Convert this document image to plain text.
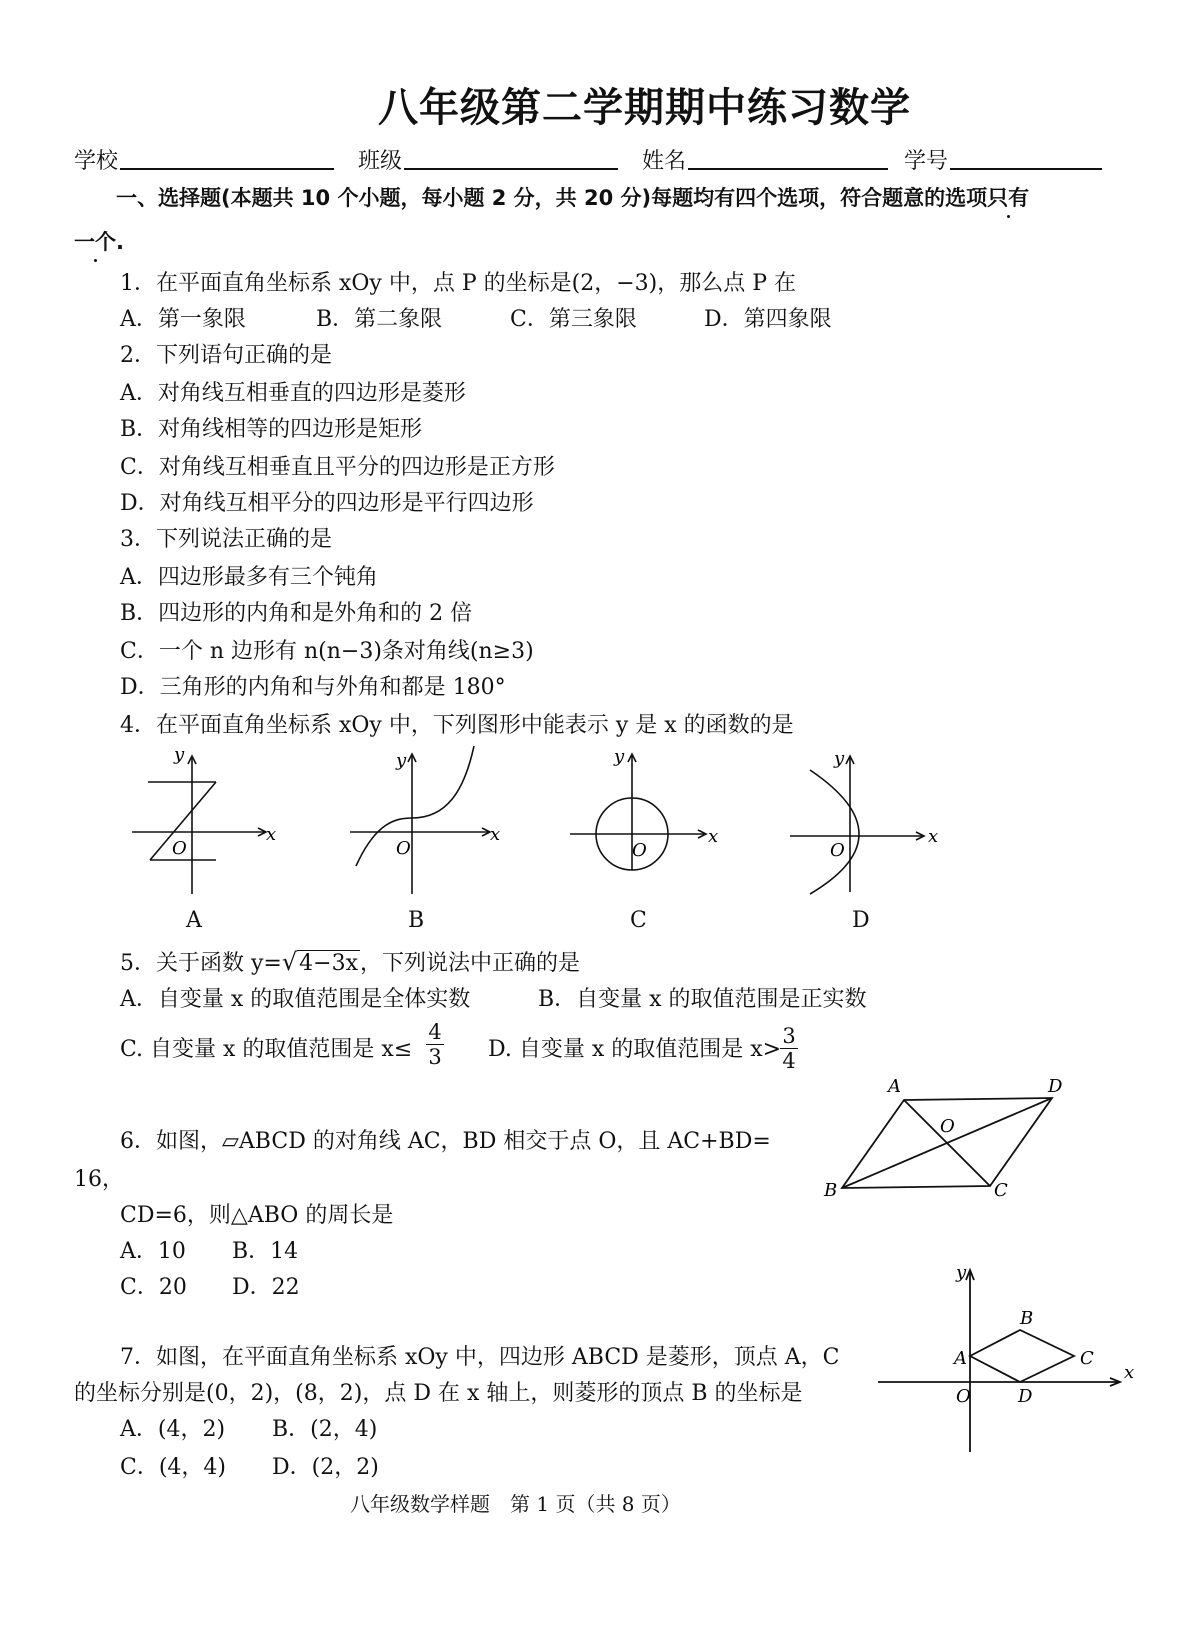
八年级第二学期期中练习数学
学校	班级	姓名	学号
一、选择题(本题共 10 个小题，每小题 2 分，共 20 分)每题均有四个选项，符合题意的选项只有
一个.
1．在平面直角坐标系 xOy 中，点 P 的坐标是(2，−3)，那么点 P 在
A．第一象限	B．第二象限	C．第三象限	D．第四象限
2．下列语句正确的是
A．对角线互相垂直的四边形是菱形
B．对角线相等的四边形是矩形
C．对角线互相垂直且平分的四边形是正方形
D．对角线互相平分的四边形是平行四边形
3．下列说法正确的是
A．四边形最多有三个钝角
B．四边形的内角和是外角和的 2 倍
C．一个 n 边形有 n(n−3)条对角线(n≥3)
D．三角形的内角和与外角和都是 180°
4．在平面直角坐标系 xOy 中，下列图形中能表示 y 是 x 的函数的是
x
y
O
x
y
O
x
y
O
x
y
O
A	B	C	D
5．关于函数 y=√4−3x，下列说法中正确的是
A．自变量 x 的取值范围是全体实数	B．自变量 x 的取值范围是正实数
C. 自变量 x 的取值范围是 x≤
4
3 D. 自变量 x 的取值范围是 x>
3
4
A	D
O
B	C
6．如图，▱ABCD 的对角线 AC，BD 相交于点 O，且 AC+BD=
16，
CD=6，则△ABO 的周长是
A．10 B．14
C．20 D．22
x
y
B
A	C
O	D
7．如图，在平面直角坐标系 xOy 中，四边形 ABCD 是菱形，顶点 A，C
的坐标分别是(0，2)，(8，2)，点 D 在 x 轴上，则菱形的顶点 B 的坐标是
A．(4，2) B．(2，4)
C．(4，4) D．(2，2)
八年级数学样题　第 1 页（共 8 页）
